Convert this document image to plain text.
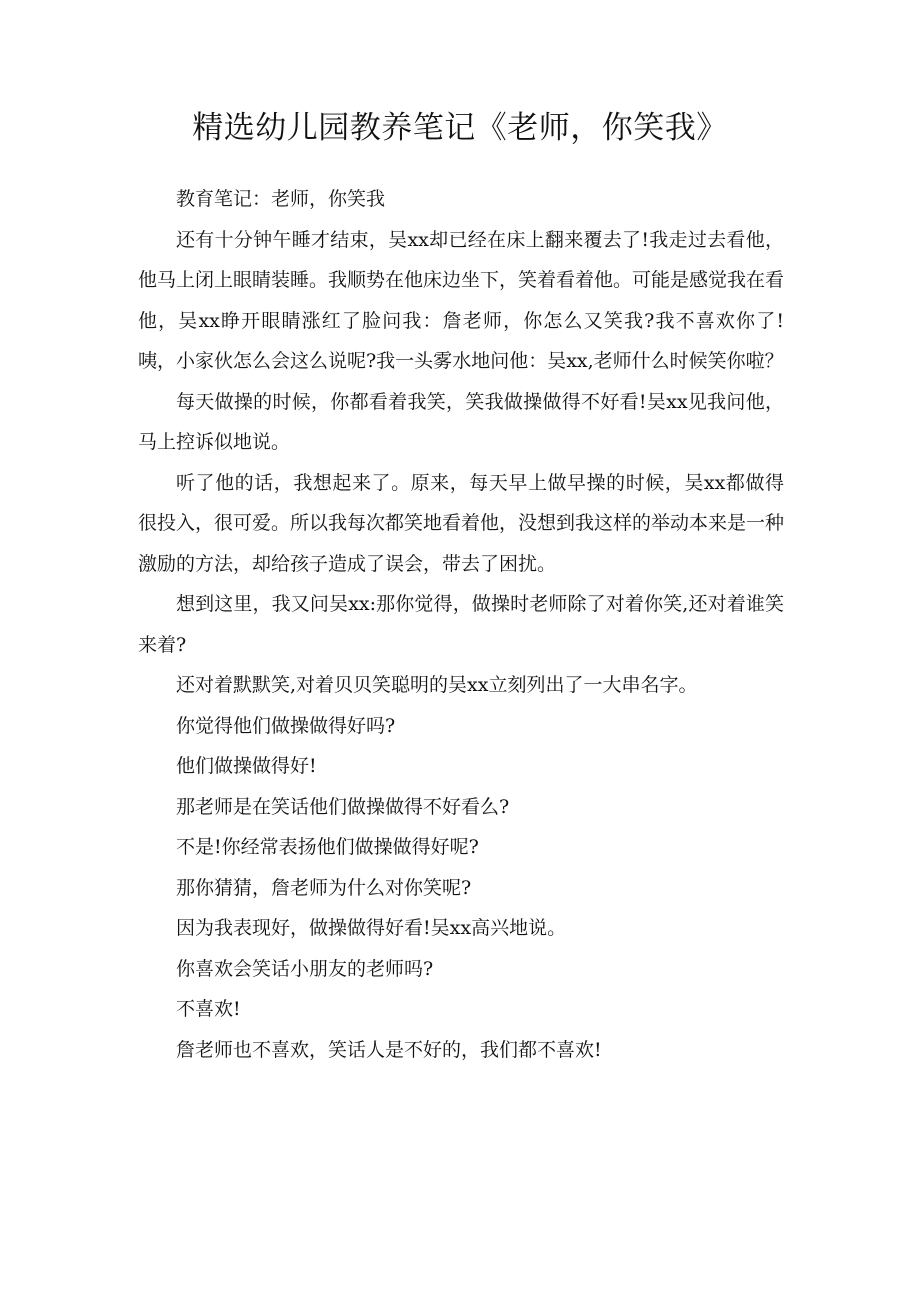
精选幼儿园教养笔记《老师，你笑我》

教育笔记：老师，你笑我

还有十分钟午睡才结束，吴xx却已经在床上翻来覆去了!我走过去看他，他马上闭上眼睛装睡。我顺势在他床边坐下，笑着看着他。可能是感觉我在看他，吴xx睁开眼睛涨红了脸问我：詹老师，你怎么又笑我?我不喜欢你了!咦，小家伙怎么会这么说呢?我一头雾水地问他：吴xx,老师什么时候笑你啦？

每天做操的时候，你都看着我笑，笑我做操做得不好看!吴xx见我问他，马上控诉似地说。

听了他的话，我想起来了。原来，每天早上做早操的时候，吴xx都做得很投入，很可爱。所以我每次都笑地看着他，没想到我这样的举动本来是一种激励的方法，却给孩子造成了误会，带去了困扰。

想到这里，我又问吴xx:那你觉得，做操时老师除了对着你笑,还对着谁笑来着?

还对着默默笑,对着贝贝笑聪明的吴xx立刻列出了一大串名字。

你觉得他们做操做得好吗?

他们做操做得好!

那老师是在笑话他们做操做得不好看么?

不是!你经常表扬他们做操做得好呢?

那你猜猜，詹老师为什么对你笑呢?

因为我表现好，做操做得好看!吴xx高兴地说。

你喜欢会笑话小朋友的老师吗?

不喜欢!

詹老师也不喜欢，笑话人是不好的，我们都不喜欢!
